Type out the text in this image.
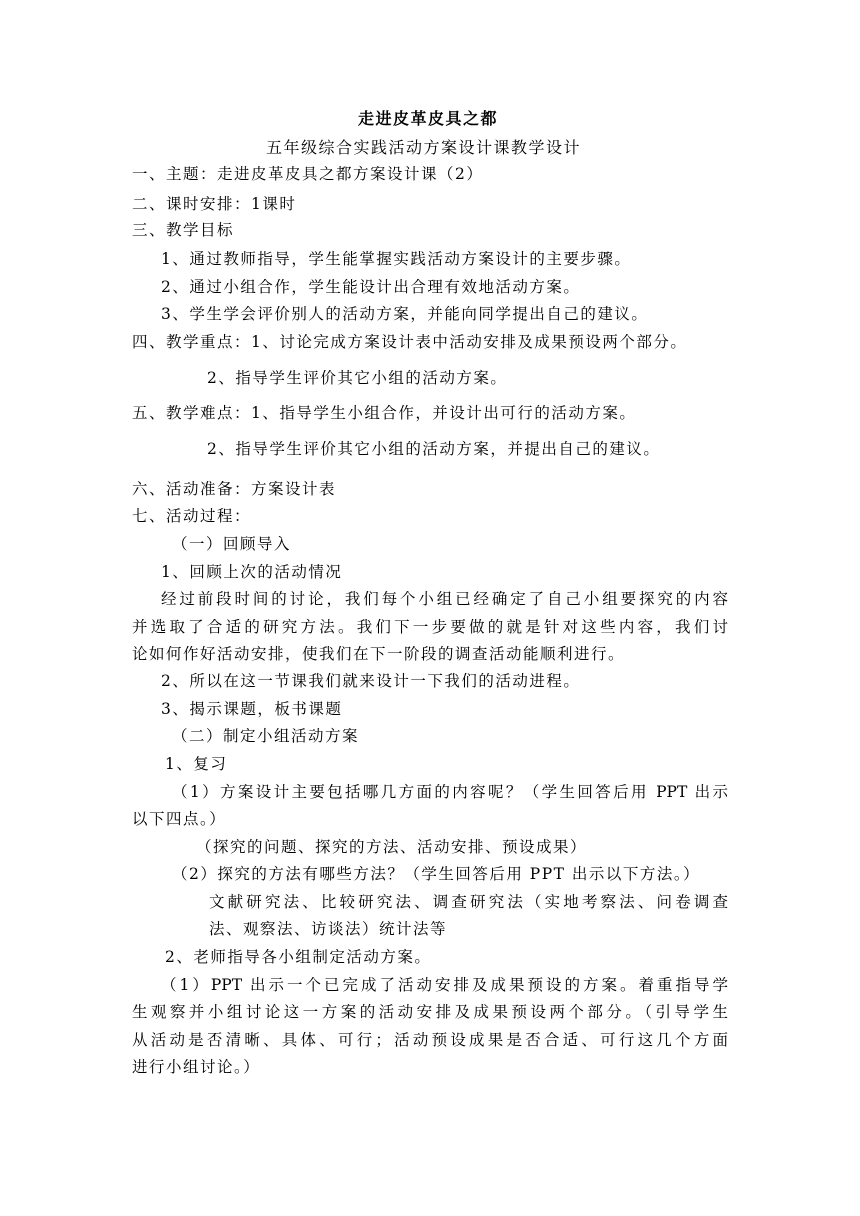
走进皮革皮具之都
五年级综合实践活动方案设计课教学设计
一、主题：走进皮革皮具之都方案设计课（2）
二、课时安排：1课时
三、教学目标
1、通过教师指导，学生能掌握实践活动方案设计的主要步骤。
2、通过小组合作，学生能设计出合理有效地活动方案。
3、学生学会评价别人的活动方案，并能向同学提出自己的建议。
四、教学重点：1、讨论完成方案设计表中活动安排及成果预设两个部分。
2、指导学生评价其它小组的活动方案。
五、教学难点：1、指导学生小组合作，并设计出可行的活动方案。
2、指导学生评价其它小组的活动方案，并提出自己的建议。
六、活动准备：方案设计表
七、活动过程：
（一）回顾导入
1、回顾上次的活动情况
经过前段时间的讨论，我们每个小组已经确定了自己小组要探究的内容
并选取了合适的研究方法。我们下一步要做的就是针对这些内容，我们讨
论如何作好活动安排，使我们在下一阶段的调查活动能顺利进行。
2、所以在这一节课我们就来设计一下我们的活动进程。
3、揭示课题，板书课题
（二）制定小组活动方案
1、复习
（1）方案设计主要包括哪几方面的内容呢？（学生回答后用 PPT 出示
以下四点。）
（探究的问题、探究的方法、活动安排、预设成果）
（2）探究的方法有哪些方法？（学生回答后用 PPT 出示以下方法。）
文献研究法、比较研究法、调查研究法（实地考察法、问卷调查
法、观察法、访谈法）统计法等
2、老师指导各小组制定活动方案。
（1）PPT 出示一个已完成了活动安排及成果预设的方案。着重指导学
生观察并小组讨论这一方案的活动安排及成果预设两个部分。（引导学生
从活动是否清晰、具体、可行；活动预设成果是否合适、可行这几个方面
进行小组讨论。）
